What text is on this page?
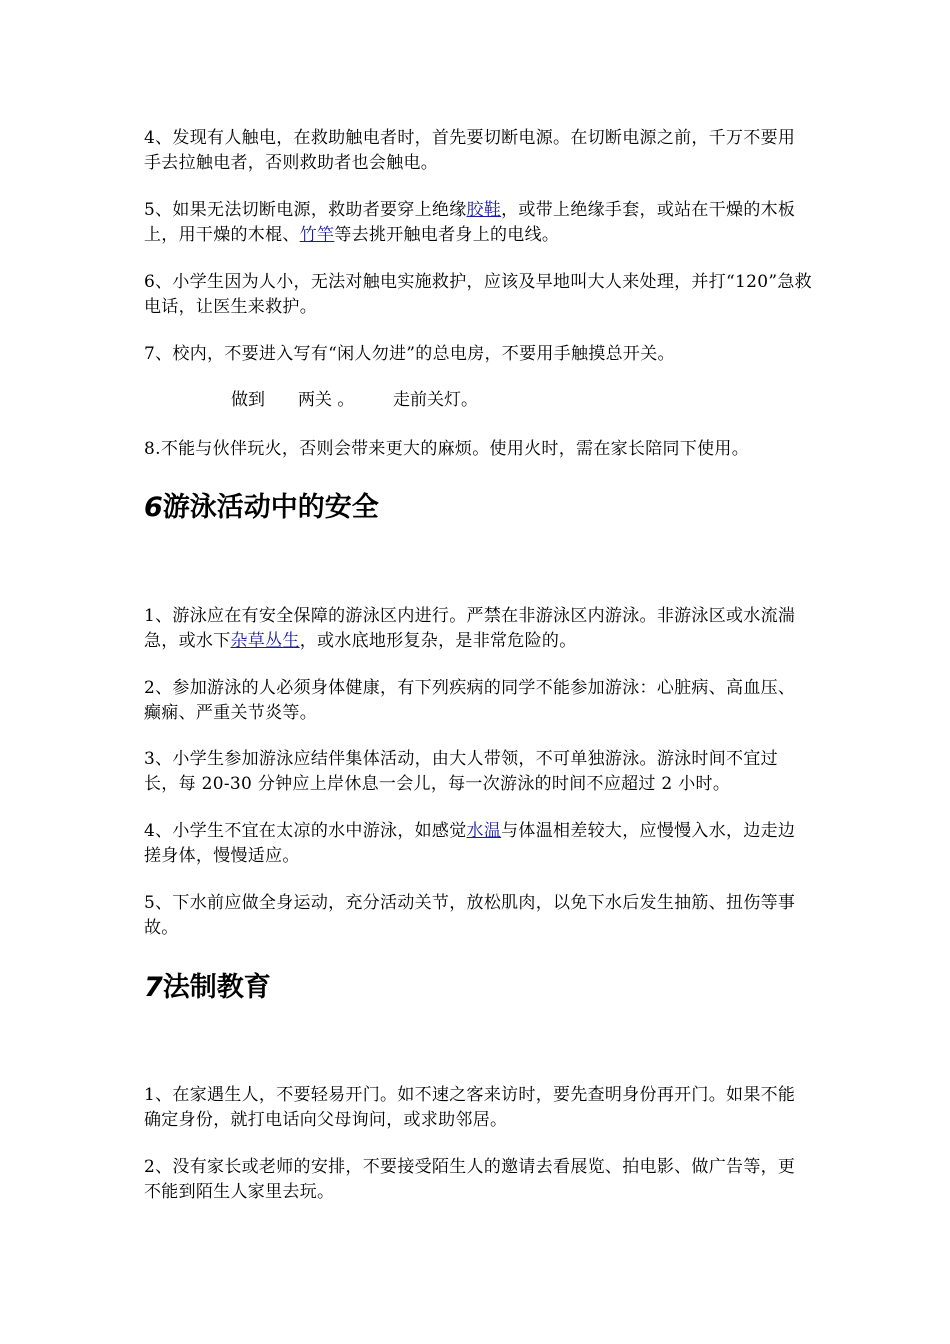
4、发现有人触电，在救助触电者时，首先要切断电源。在切断电源之前，千万不要用手去拉触电者，否则救助者也会触电。

5、如果无法切断电源，救助者要穿上绝缘胶鞋，或带上绝缘手套，或站在干燥的木板上，用干燥的木棍、竹竿等去挑开触电者身上的电线。

6、小学生因为人小，无法对触电实施救护，应该及早地叫大人来处理，并打“120”急救电话，让医生来救护。

7、校内，不要进入写有“闲人勿进”的总电房，不要用手触摸总开关。

做到 两关 。 走前关灯。

8.不能与伙伴玩火，否则会带来更大的麻烦。使用火时，需在家长陪同下使用。

6游泳活动中的安全

1、游泳应在有安全保障的游泳区内进行。严禁在非游泳区内游泳。非游泳区或水流湍急，或水下杂草丛生，或水底地形复杂，是非常危险的。

2、参加游泳的人必须身体健康，有下列疾病的同学不能参加游泳：心脏病、高血压、癫痫、严重关节炎等。

3、小学生参加游泳应结伴集体活动，由大人带领，不可单独游泳。游泳时间不宜过长，每 20-30 分钟应上岸休息一会儿，每一次游泳的时间不应超过 2 小时。

4、小学生不宜在太凉的水中游泳，如感觉水温与体温相差较大，应慢慢入水，边走边搓身体，慢慢适应。

5、下水前应做全身运动，充分活动关节，放松肌肉，以免下水后发生抽筋、扭伤等事故。

7法制教育

1、在家遇生人，不要轻易开门。如不速之客来访时，要先查明身份再开门。如果不能确定身份，就打电话向父母询问，或求助邻居。

2、没有家长或老师的安排，不要接受陌生人的邀请去看展览、拍电影、做广告等，更不能到陌生人家里去玩。
